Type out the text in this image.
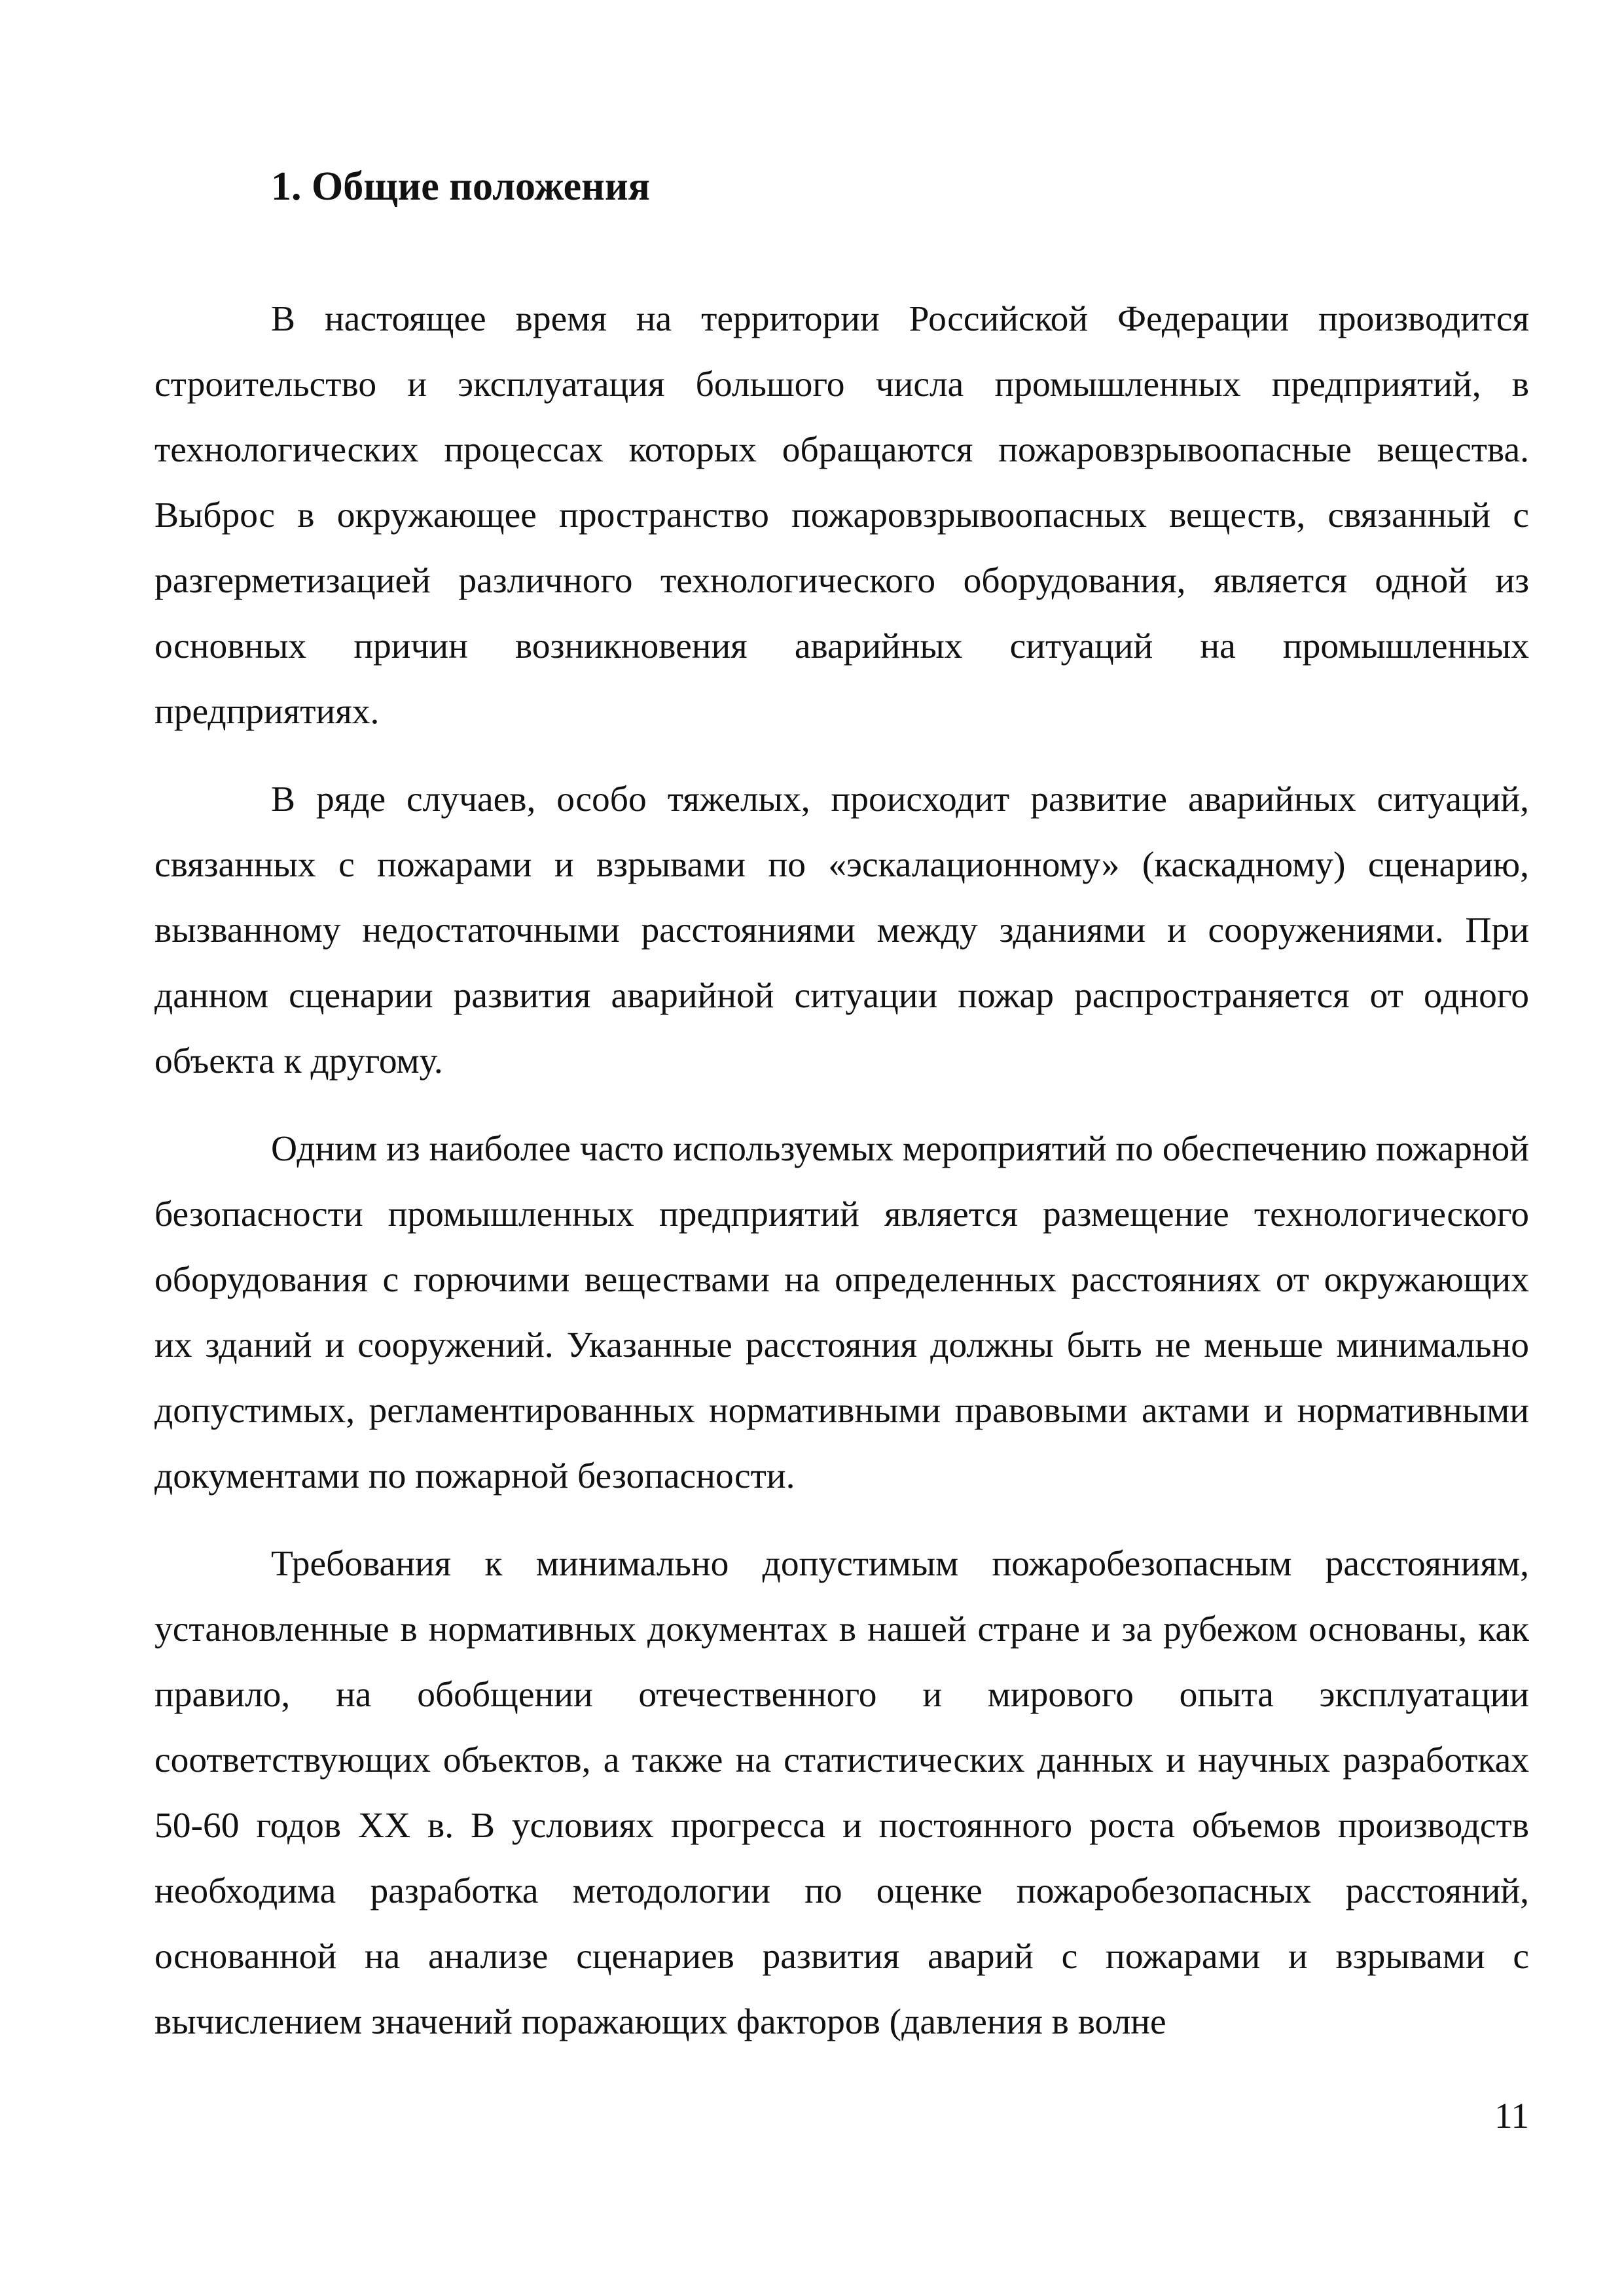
1. Общие положения

В настоящее время на территории Российской Федерации производится строительство и эксплуатация большого числа промышленных предприятий, в технологических процессах которых обращаются пожаровзрывоопасные вещества. Выброс в окружающее пространство пожаровзрывоопасных веществ, связанный с разгерметизацией различного технологического оборудования, является одной из основных причин возникновения аварийных ситуаций на промышленных предприятиях.

В ряде случаев, особо тяжелых, происходит развитие аварийных ситуаций, связанных с пожарами и взрывами по «эскалационному» (каскадному) сценарию, вызванному недостаточными расстояниями между зданиями и сооружениями. При данном сценарии развития аварийной ситуации пожар распространяется от одного объекта к другому.

Одним из наиболее часто используемых мероприятий по обеспечению пожарной безопасности промышленных предприятий является размещение технологического оборудования с горючими веществами на определенных расстояниях от окружающих их зданий и сооружений. Указанные расстояния должны быть не меньше минимально допустимых, регламентированных нормативными правовыми актами и нормативными документами по пожарной безопасности.

Требования к минимально допустимым пожаробезопасным расстояниям, установленные в нормативных документах в нашей стране и за рубежом основаны, как правило, на обобщении отечественного и мирового опыта эксплуатации соответствующих объектов, а также на статистических данных и научных разработках 50-60 годов XX в. В условиях прогресса и постоянного роста объемов производств необходима разработка методологии по оценке пожаробезопасных расстояний, основанной на анализе сценариев развития аварий с пожарами и взрывами с вычислением значений поражающих факторов (давления в волне

11
